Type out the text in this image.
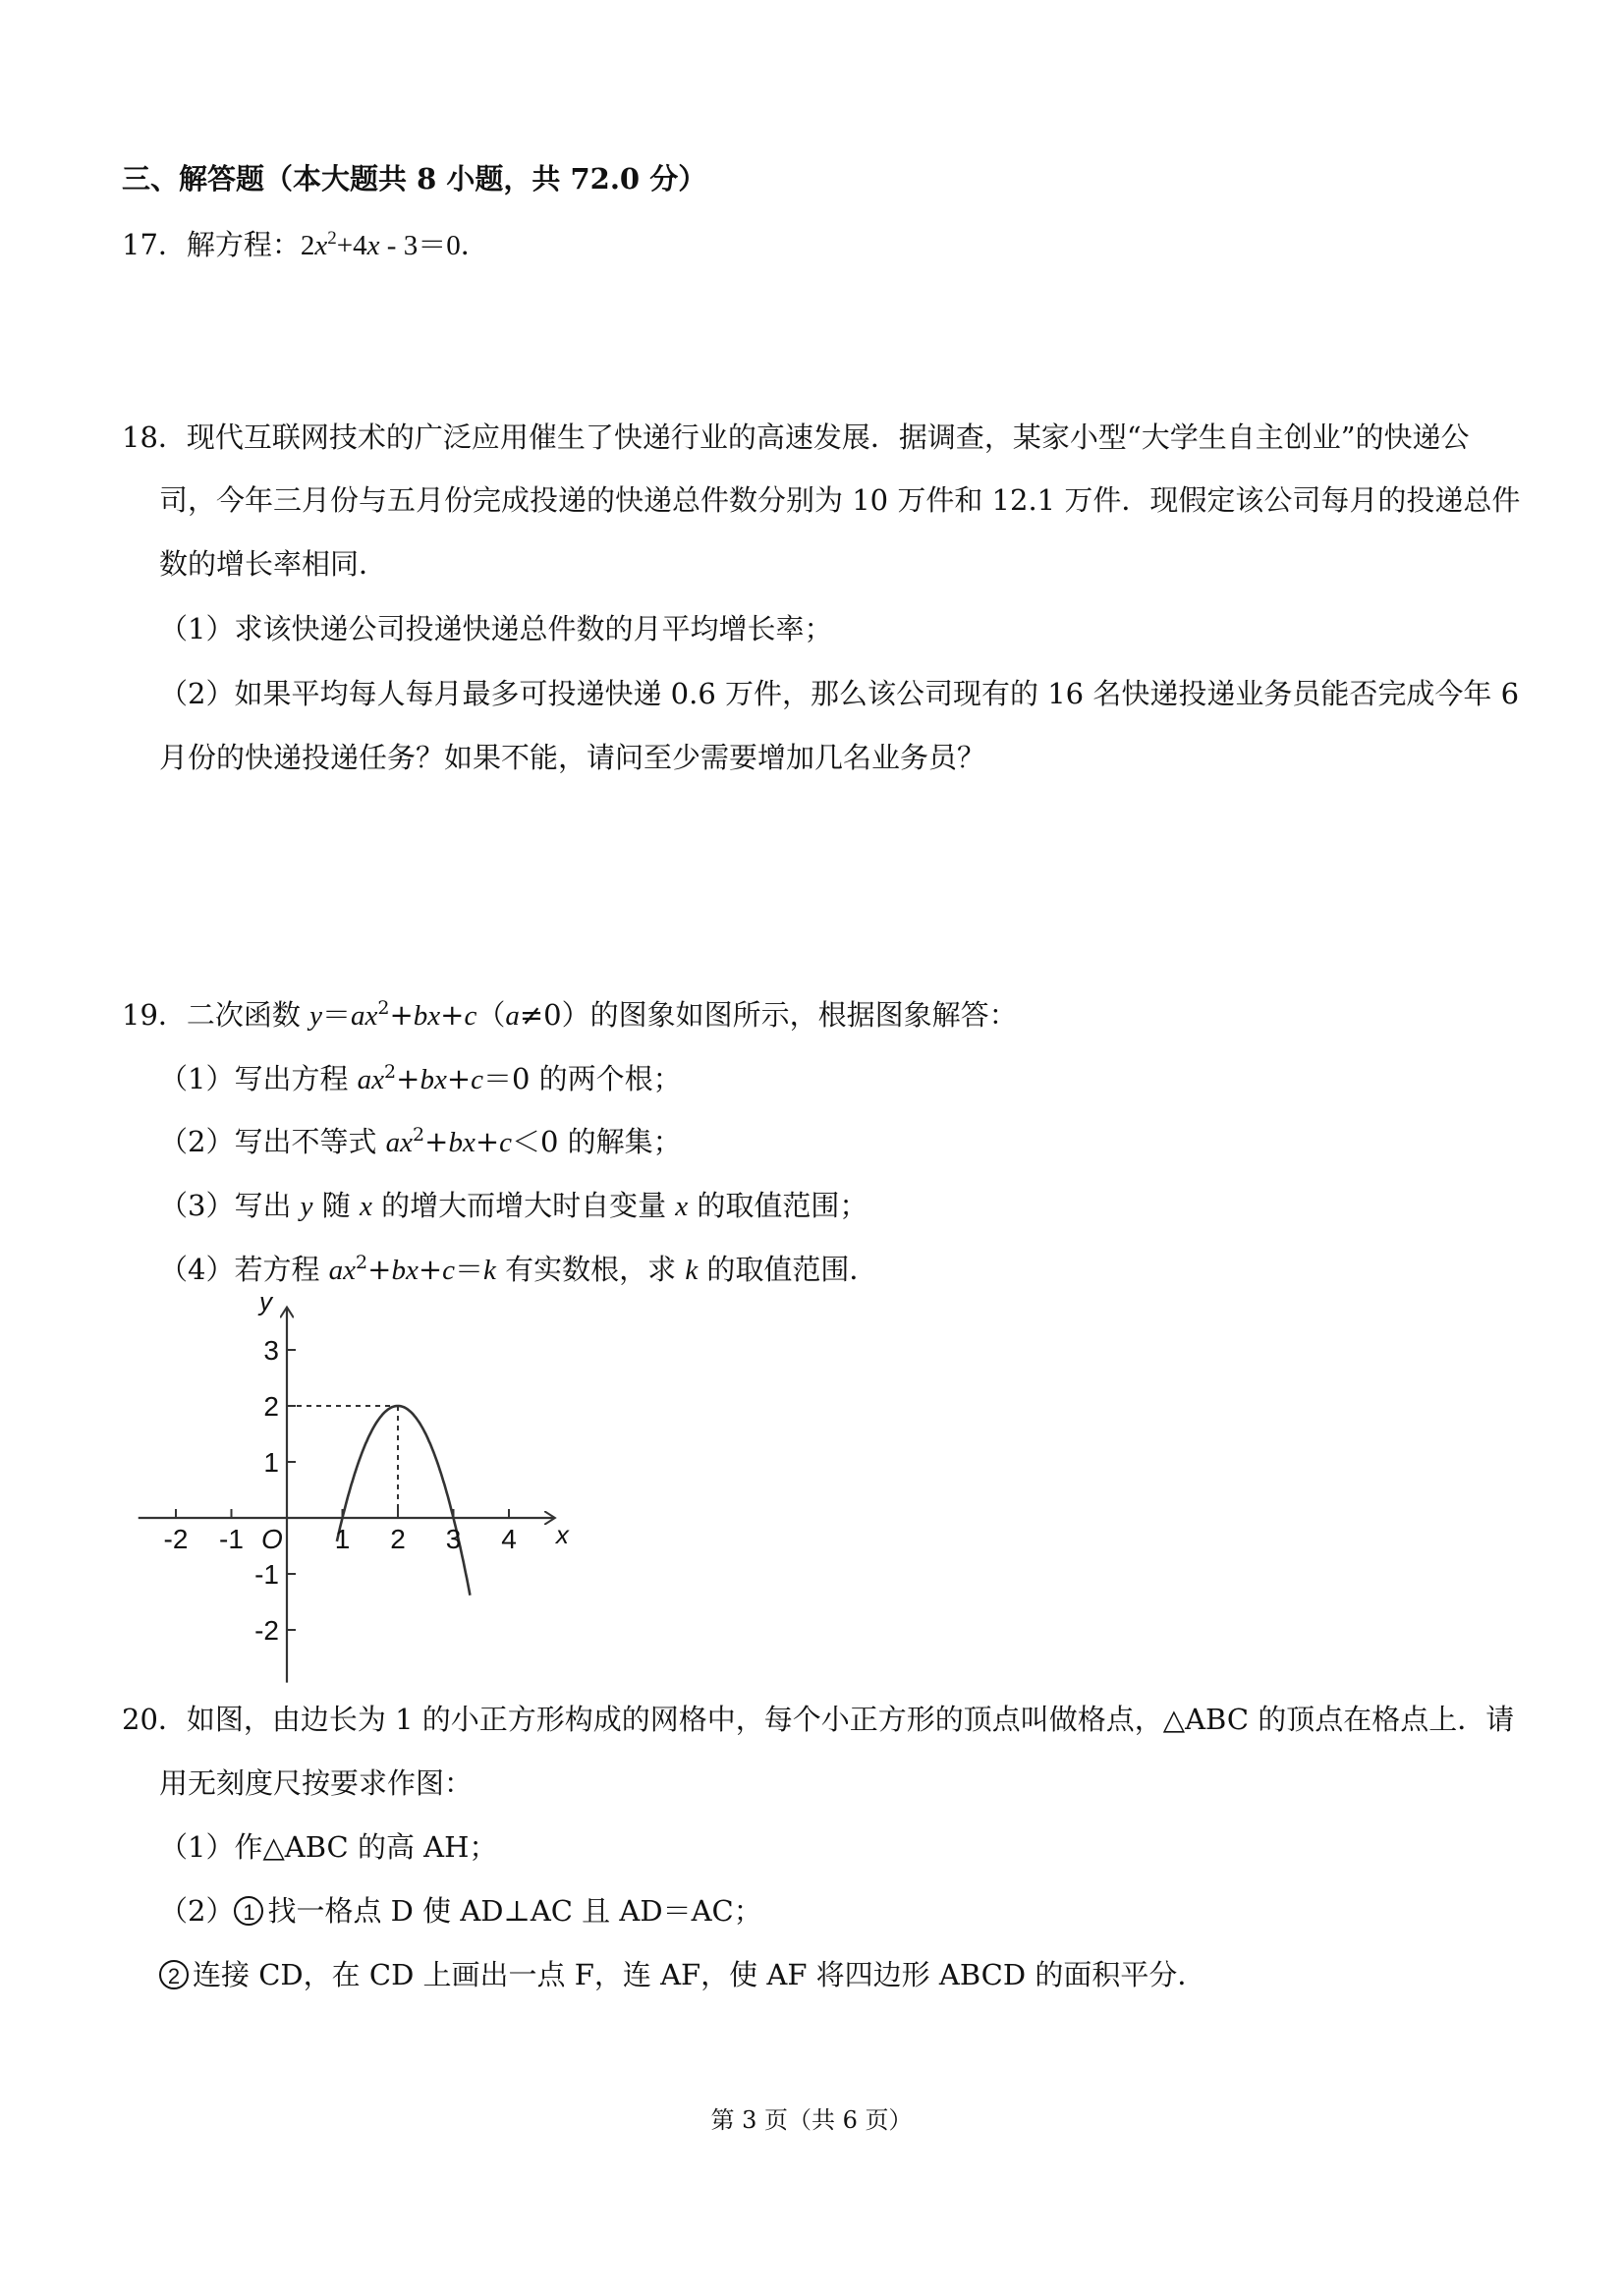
三、解答题（本大题共 8 小题，共 72.0 分）
17．解方程：$2x^2+4x - 3=0$．
18．现代互联网技术的广泛应用催生了快递行业的高速发展．据调查，某家小型“大学生自主创业”的快递公
司，今年三月份与五月份完成投递的快递总件数分别为 10 万件和 12.1 万件．现假定该公司每月的投递总件
数的增长率相同．
（1）求该快递公司投递快递总件数的月平均增长率；
（2）如果平均每人每月最多可投递快递 0.6 万件，那么该公司现有的 16 名快递投递业务员能否完成今年 6
月份的快递投递任务？如果不能，请问至少需要增加几名业务员？
19．二次函数 $y=ax^2+bx+c(a\ne 0)$的图象如图所示，根据图象解答：
（1）写出方程 $ax^2+bx+c=0$ 的两个根；
（2）写出不等式 $ax^2+bx+c<0$ 的解集；
（3）写出 y 随 x 的增大而增大时自变量 x 的取值范围；
（4）若方程 $ax^2+bx+c=k$ 有实数根，求 k 的取值范围．
-2 -1	1 2 3 4
-2
-1
1
2
3
x
y
O
20．如图，由边长为 1 的小正方形构成的网格中，每个小正方形的顶点叫做格点，△ABC 的顶点在格点上．请
用无刻度尺按要求作图：
（1）作△ABC 的高 AH；
（2） 1 找一格点 D 使 AD⊥AC 且 AD＝AC；
2 连接 CD，在 CD 上画出一点 F，连 AF，使 AF 将四边形 ABCD 的面积平分．
第 3 页（共 6 页）
